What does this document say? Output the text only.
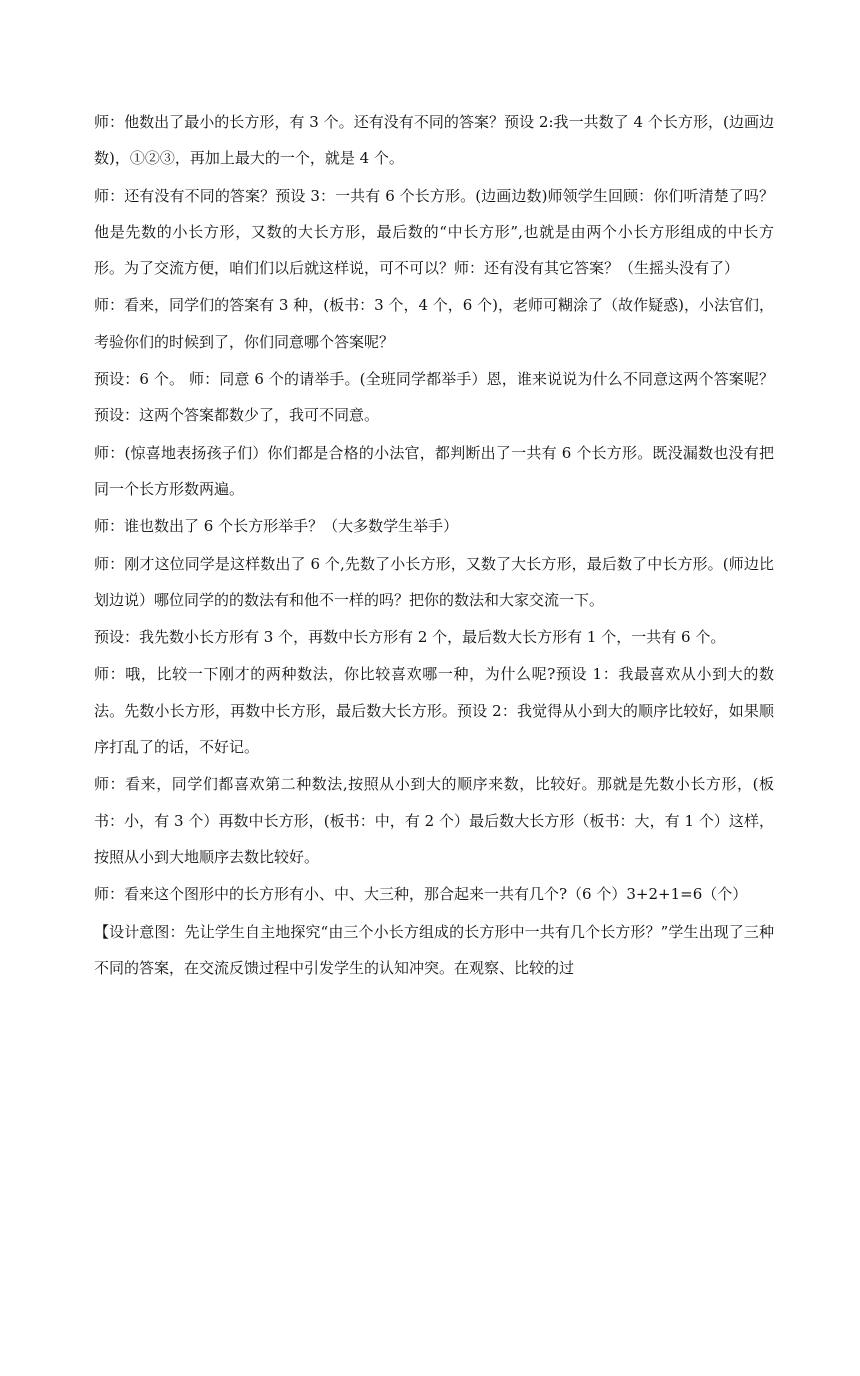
师：他数出了最小的长方形，有 3 个。还有没有不同的答案？预设 2:我一共数了 4 个长方形，(边画边数)，①②③，再加上最大的一个，就是 4 个。

师：还有没有不同的答案？预设 3：一共有 6 个长方形。(边画边数)师领学生回顾：你们听清楚了吗？他是先数的小长方形，又数的大长方形，最后数的“中长方形”,也就是由两个小长方形组成的中长方形。为了交流方便，咱们们以后就这样说，可不可以？师：还有没有其它答案？（生摇头没有了）

师：看来，同学们的答案有 3 种，(板书：3 个，4 个，6 个)，老师可糊涂了（故作疑惑)，小法官们，考验你们的时候到了，你们同意哪个答案呢？

预设：6 个。 师：同意 6 个的请举手。(全班同学都举手）恩，谁来说说为什么不同意这两个答案呢？预设：这两个答案都数少了，我可不同意。

师：(惊喜地表扬孩子们）你们都是合格的小法官，都判断出了一共有 6 个长方形。既没漏数也没有把同一个长方形数两遍。

师：谁也数出了 6 个长方形举手？（大多数学生举手）

师：刚才这位同学是这样数出了 6 个,先数了小长方形，又数了大长方形，最后数了中长方形。(师边比划边说）哪位同学的的数法有和他不一样的吗？把你的数法和大家交流一下。

预设：我先数小长方形有 3 个，再数中长方形有 2 个，最后数大长方形有 1 个，一共有 6 个。

师：哦，比较一下刚才的两种数法，你比较喜欢哪一种，为什么呢?预设 1：我最喜欢从小到大的数法。先数小长方形，再数中长方形，最后数大长方形。预设 2：我觉得从小到大的顺序比较好，如果顺序打乱了的话，不好记。

师：看来，同学们都喜欢第二种数法,按照从小到大的顺序来数，比较好。那就是先数小长方形，(板书：小，有 3 个）再数中长方形，(板书：中，有 2 个）最后数大长方形（板书：大，有 1 个）这样，按照从小到大地顺序去数比较好。

师：看来这个图形中的长方形有小、中、大三种，那合起来一共有几个?（6 个）3+2+1=6（个）

【设计意图：先让学生自主地探究“由三个小长方组成的长方形中一共有几个长方形？”学生出现了三种不同的答案，在交流反馈过程中引发学生的认知冲突。在观察、比较的过
